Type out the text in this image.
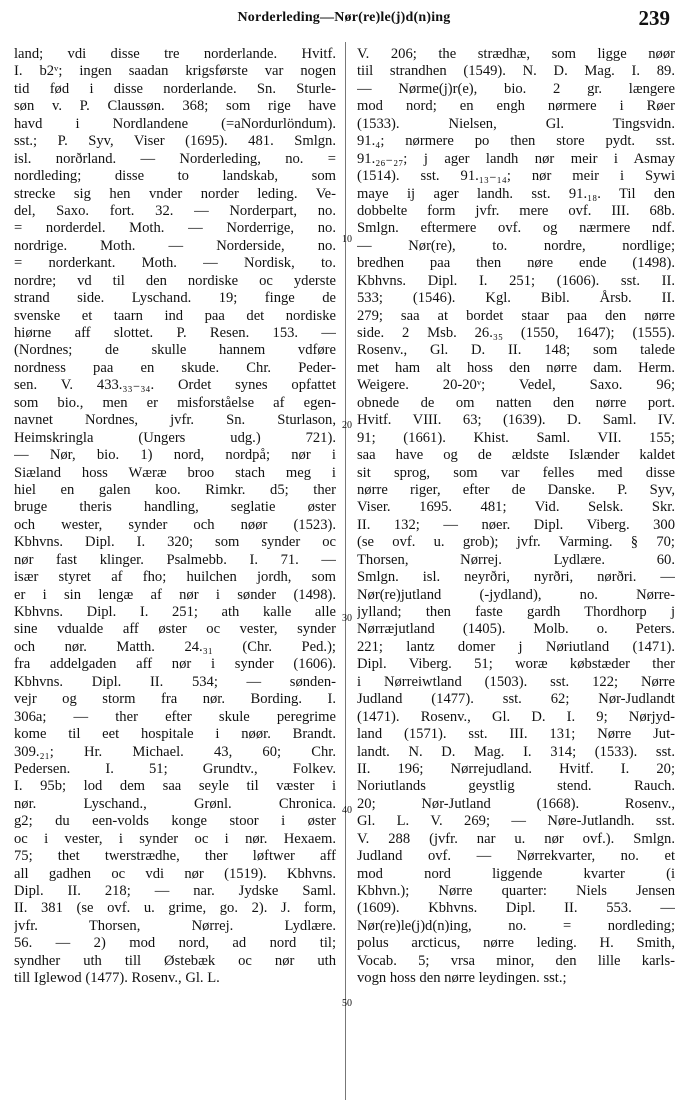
Norderleding—Nør(re)le(j)d(n)ing	239
land; vdi disse tre norderlande. Hvitf.
I. b2ᵛ; ingen saadan krigsførste var nogen
tid fød i disse norderlande. Sn. Sturle-
søn v. P. Claussøn. 368; som rige have
havd i Nordlandene (=aNordurlöndum).
sst.; P. Syv, Viser (1695). 481. Smlgn.
isl. norðrland. — Norderleding, no. =
nordleding; disse to landskab, som
strecke sig hen vnder norder leding. Ve-
del, Saxo. fort. 32. — Norderpart, no.
= norderdel. Moth. — Norderrige, no.
nordrige. Moth. — Norderside, no.
= norderkant. Moth. — Nordisk, to.
nordre; vd til den nordiske oc yderste
strand side. Lyschand. 19; finge de
svenske et taarn ind paa det nordiske
hiørne aff slottet. P. Resen. 153. —
(Nordnes; de skulle hannem vdføre
nordness paa en skude. Chr. Peder-
sen. V. 433.₃₃₋₃₄. Ordet synes opfattet
som bio., men er misforståelse af egen-
navnet Nordnes, jvfr. Sn. Sturlason,
Heimskringla (Ungers udg.) 721).
— Nør, bio. 1) nord, nordpå; nør i
Siæland hoss Wæræ broo stach meg i
hiel en galen koo. Rimkr. d5; ther
bruge theris handling, seglatie øster
och wester, synder och nøør (1523).
Kbhvns. Dipl. I. 320; som synder oc
nør fast klinger. Psalmebb. I. 71. —
især styret af fho; huilchen jordh, som
er i sin lengæ af nør i sønder (1498).
Kbhvns. Dipl. I. 251; ath kalle alle
sine vdualde aff øster oc vester, synder
och nør. Matth. 24.₃₁ (Chr. Ped.);
fra addelgaden aff nør i synder (1606).
Kbhvns. Dipl. II. 534; — sønden-
vejr og storm fra nør. Bording. I.
306a; — ther efter skule peregrime
kome til eet hospitale i nøør. Brandt.
309.₂₁; Hr. Michael. 43, 60; Chr.
Pedersen. I. 51; Grundtv., Folkev.
I. 95b; lod dem saa seyle til væster i
nør. Lyschand., Grønl. Chronica.
g2; du een-volds konge stoor i øster
oc i vester, i synder oc i nør. Hexaem.
75; thet twerstrædhe, ther løftwer aff
all gadhen oc vdi nør (1519). Kbhvns.
Dipl. II. 218; — nar. Jydske Saml.
II. 381 (se ovf. u. grime, go. 2). J. form,
jvfr. Thorsen, Nørrej. Lydlære.
56. — 2) mod nord, ad nord til;
syndher uth till Østebæk oc nør uth
till Iglewod (1477). Rosenv., Gl. L.
V. 206; the strædhæ, som ligge nøør
tiil strandhen (1549). N. D. Mag. I. 89.
— Nørme(j)r(e), bio. 2 gr. længere
mod nord; en engh nørmere i Røer
(1533). Nielsen, Gl. Tingsvidn.
91.₄; nørmere po then store pydt. sst.
91.₂₆₋₂₇; j ager landh nør meir i Asmay
(1514). sst. 91.₁₃₋₁₄; nør meir i Sywi
maye ij ager landh. sst. 91.₁₈. Til den
dobbelte form jvfr. mere ovf. III. 68b.
Smlgn. eftermere ovf. og nærmere ndf.
— Nør(re), to. nordre, nordlige;
bredhen paa then nøre ende (1498).
Kbhvns. Dipl. I. 251; (1606). sst. II.
533; (1546). Kgl. Bibl. Årsb. II.
279; saa at bordet staar paa den nørre
side. 2 Msb. 26.₃₅ (1550, 1647); (1555).
Rosenv., Gl. D. II. 148; som talede
met ham alt hoss den nørre dam. Herm.
Weigere. 20-20ᵛ; Vedel, Saxo. 96;
obnede de om natten den nørre port.
Hvitf. VIII. 63; (1639). D. Saml. IV.
91; (1661). Khist. Saml. VII. 155;
saa have og de ældste Islænder kaldet
sit sprog, som var felles med disse
nørre riger, efter de Danske. P. Syv,
Viser. 1695. 481; Vid. Selsk. Skr.
II. 132; — nøer. Dipl. Viberg. 300
(se ovf. u. grob); jvfr. Varming. § 70;
Thorsen, Nørrej. Lydlære. 60.
Smlgn. isl. neyrðri, nyrðri, nørðri. —
Nør(re)jutland (-jydland), no. Nørre-
jylland; then faste gardh Thordhorp j
Nørræjutland (1405). Molb. o. Peters.
221; lantz domer j Nøriutland (1471).
Dipl. Viberg. 51; woræ købstæder ther
i Nørreiwtland (1503). sst. 122; Nørre
Judland (1477). sst. 62; Nør-Judlandt
(1471). Rosenv., Gl. D. I. 9; Nørjyd-
land (1571). sst. III. 131; Nørre Jut-
landt. N. D. Mag. I. 314; (1533). sst.
II. 196; Nørrejudland. Hvitf. I. 20;
Noriutlands geystlig stend. Rauch.
20; Nør-Jutland (1668). Rosenv.,
Gl. L. V. 269; — Nøre-Jutlandh. sst.
V. 288 (jvfr. nar u. nør ovf.). Smlgn.
Judland ovf. — Nørrekvarter, no. et
mod nord liggende kvarter (i
Kbhvn.); Nørre quarter: Niels Jensen
(1609). Kbhvns. Dipl. II. 553. —
Nør(re)le(j)d(n)ing, no. = nordleding;
polus arcticus, nørre leding. H. Smith,
Vocab. 5; vrsa minor, den lille karls-
vogn hoss den nørre leydingen. sst.;
10
20
30
40
50
